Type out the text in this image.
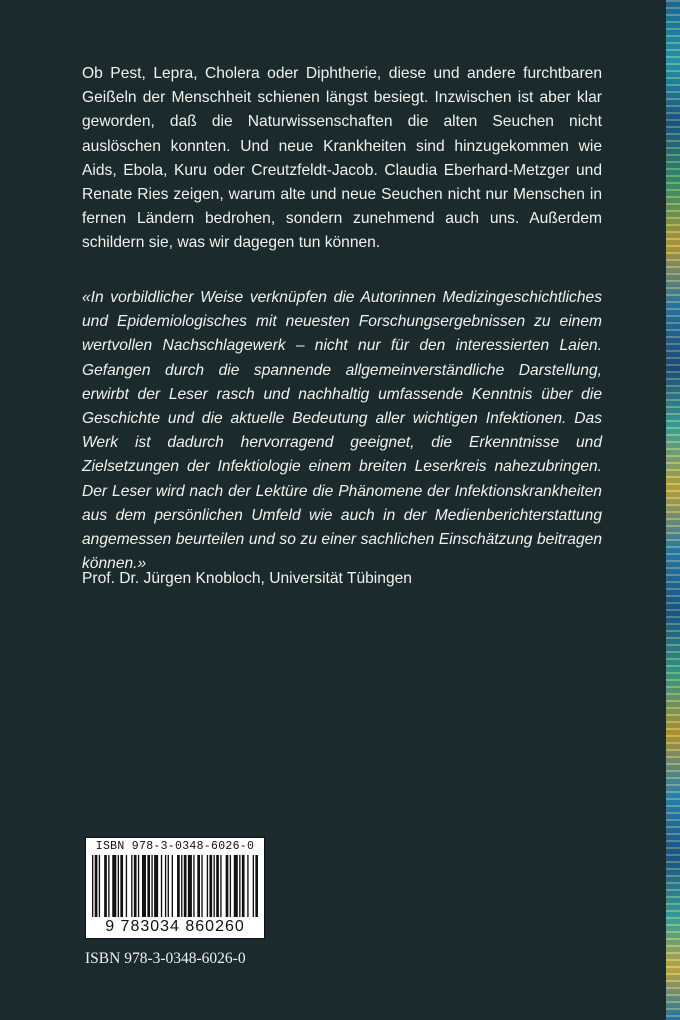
Ob Pest, Lepra, Cholera oder Diphtherie, diese und andere furchtbaren Geißeln der Menschheit schienen längst besiegt. Inzwischen ist aber klar geworden, daß die Naturwissenschaften die alten Seuchen nicht auslöschen konnten. Und neue Krankheiten sind hinzugekommen wie Aids, Ebola, Kuru oder Creutzfeldt-Jacob. Claudia Eberhard-Metzger und Renate Ries zeigen, warum alte und neue Seuchen nicht nur Menschen in fernen Ländern bedrohen, sondern zunehmend auch uns. Außerdem schildern sie, was wir dagegen tun können.

«In vorbildlicher Weise verknüpfen die Autorinnen Medizingeschichtliches und Epidemiologisches mit neuesten Forschungsergebnissen zu einem wertvollen Nachschlagewerk – nicht nur für den interessierten Laien. Gefangen durch die spannende allgemeinverständliche Darstellung, erwirbt der Leser rasch und nachhaltig umfassende Kenntnis über die Geschichte und die aktuelle Bedeutung aller wichtigen Infektionen. Das Werk ist dadurch hervorragend geeignet, die Erkenntnisse und Zielsetzungen der Infektiologie einem breiten Leserkreis nahezubringen. Der Leser wird nach der Lektüre die Phänomene der Infektionskrankheiten aus dem persönlichen Umfeld wie auch in der Medienberichterstattung angemessen beurteilen und so zu einer sachlichen Einschätzung beitragen können.»

Prof. Dr. Jürgen Knobloch, Universität Tübingen

ISBN 978-3-0348-6026-0
9 783034 860260
ISBN 978-3-0348-6026-0
